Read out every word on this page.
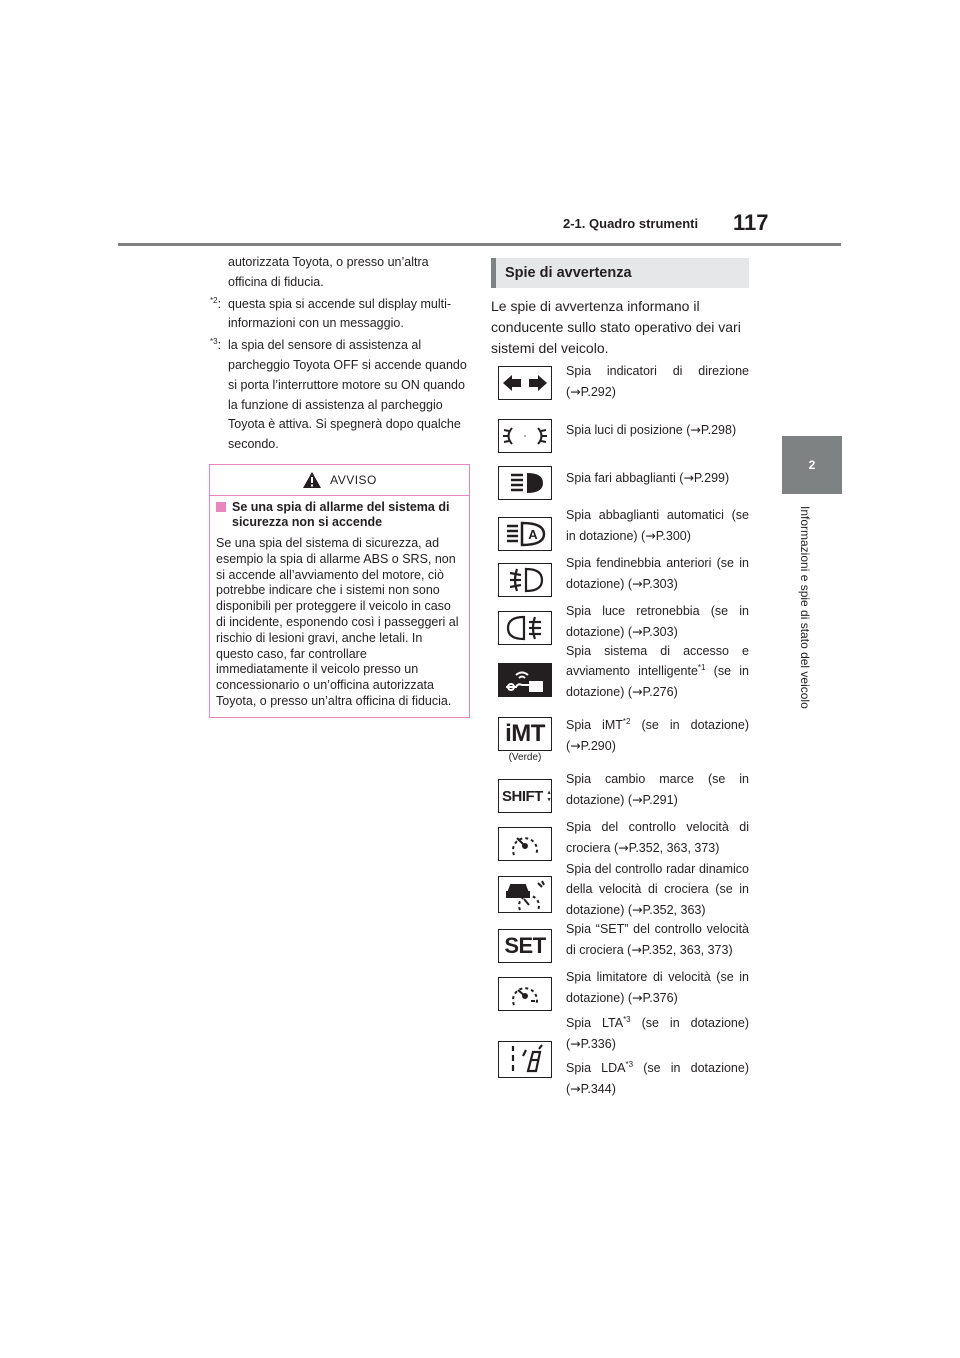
2-1. Quadro strumenti 117
2
Informazioni e spie di stato del veicolo
autorizzata Toyota, o presso un’altra officina di fiducia.
$^{*2}$: questa spia si accende sul display multi-informazioni con un messaggio.
$^{*3}$: la spia del sensore di assistenza al parcheggio Toyota OFF si accende quando si porta l’interruttore motore su ON quando la funzione di assistenza al parcheggio Toyota è attiva. Si spegnerà dopo qualche secondo.
AVVISO
Se una spia di allarme del sistema di sicurezza non si accende
Se una spia del sistema di sicurezza, ad esempio la spia di allarme ABS o SRS, non si accende all’avviamento del motore, ciò potrebbe indicare che i sistemi non sono disponibili per proteggere il veicolo in caso di incidente, esponendo così i passeggeri al rischio di lesioni gravi, anche letali. In questo caso, far controllare immediatamente il veicolo presso un concessionario o un’officina autorizzata Toyota, o presso un’altra officina di fiducia.
Spie di avvertenza
Le spie di avvertenza informano il conducente sullo stato operativo dei vari sistemi del veicolo.
Spia indicatori di direzione (→P.292)
Spia luci di posizione (→P.298)
Spia fari abbaglianti (→P.299)
A
Spia abbaglianti automatici (se in dotazione) (→P.300)
Spia fendinebbia anteriori (se in dotazione) (→P.303)
Spia luce retronebbia (se in dotazione) (→P.303)
Spia sistema di accesso e avviamento intelligente$^{*1}$ (se in dotazione) (→P.276)
iMT
(Verde)
Spia iMT$^{*2}$ (se in dotazione) (→P.290)
SHIFT
Spia cambio marce (se in dotazione) (→P.291)
Spia del controllo velocità di crociera (→P.352, 363, 373)
Spia del controllo radar dinamico della velocità di crociera (se in dotazione) (→P.352, 363)
SET
Spia “SET” del controllo velocità di crociera (→P.352, 363, 373)
Spia limitatore di velocità (se in dotazione) (→P.376)
Spia LTA$^{*3}$ (se in dotazione) (→P.336)
Spia LDA$^{*3}$ (se in dotazione) (→P.344)
